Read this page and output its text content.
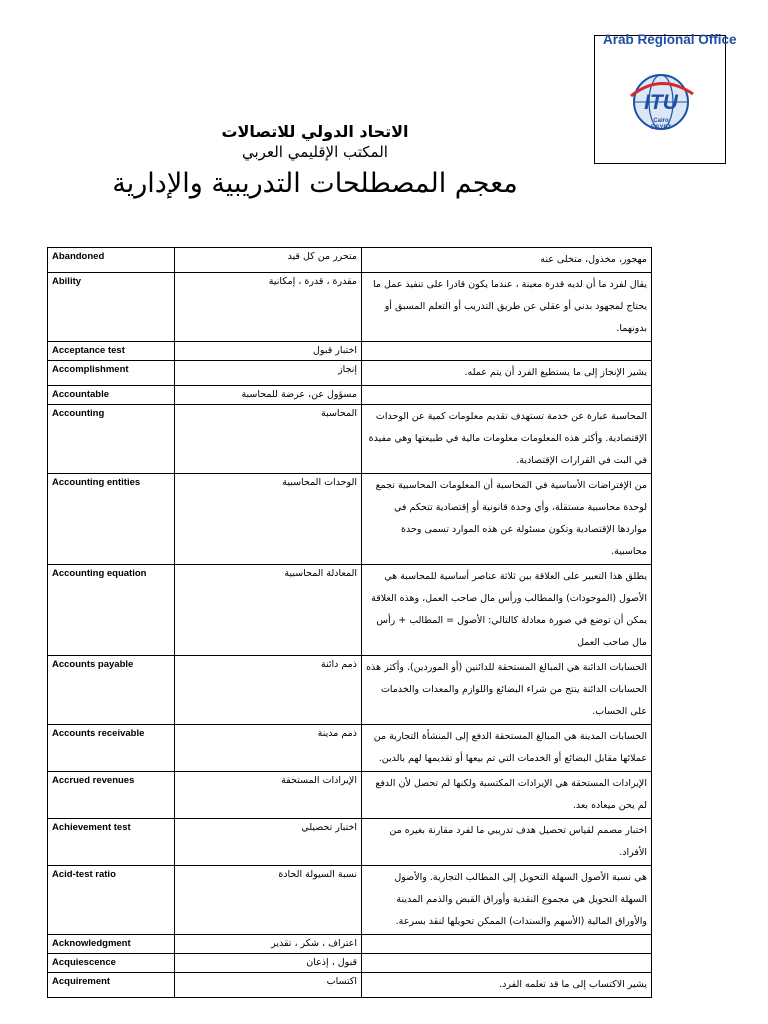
Arab Regional Office
ITU
Cairo
EGYPT
الاتحاد الدولي للاتصالات
المكتب الإقليمي العربي
معجم المصطلحات التدريبية والإدارية
Abandoned	متحرر من كل قيد	مهجور، مخذول، متخلى عنه
Ability	مقدرة ، قدرة ، إمكانية	يقال لفرد ما أن لديه قدرة معينة ، عندما يكون قادرا على تنفيذ عمل ما يحتاج لمجهود بدني أو عقلي عن طريق التدريب أو التعلم المسبق أو بدونهما.
Acceptance test	اختبار قبول	
Accomplishment	إنجاز	يشير الإنجاز إلى ما يستطيع الفرد أن يتم عمله.
Accountable	مسؤول عن، عرضة للمحاسبة	
Accounting	المحاسبة	المحاسبة عبارة عن خدمة تستهدف تقديم معلومات كمية عن الوحدات الإقتصادية. وأكثر هذه المعلومات معلومات مالية في طبيعتها وهي مفيدة في البت في القرارات الإقتصادية.
Accounting entities	الوحدات المحاسبية	من الإفتراضات الأساسية في المحاسبة أن المعلومات المحاسبية تجمع لوحدة محاسبية مستقلة، وأي وحدة قانونية أو إقتصادية تتحكم في مواردها الإقتصادية وتكون مسئولة عن هذه الموارد تسمى وحدة محاسبية.
Accounting equation	المعادلة المحاسبية	يطلق هذا التعبير على العلاقة بين ثلاثة عناصر أساسية للمحاسبة هي الأصول (الموجودات) والمطالب ورأس مال صاحب العمل، وهذه العلاقة يمكن أن توضع في صورة معادلة كالتالي: الأصول = المطالب + رأس مال صاحب العمل
Accounts payable	ذمم دائنة	الحسابات الدائنة هي المبالغ المستحقة للدائنين (أو الموردين). وأكثر هذه الحسابات الدائنة ينتج من شراء البضائع واللوازم والمعدات والخدمات على الحساب.
Accounts receivable	ذمم مدينة	الحسابات المدينة هي المبالغ المستحقة الدفع إلى المنشأة التجارية من عملائها مقابل البضائع أو الخدمات التي تم بيعها أو تقديمها لهم بالدين.
Accrued revenues	الإيرادات المستحقة	الإيرادات المستحقة هي الإيرادات المكتسبة ولكنها لم تحصل لأن الدفع لم يحن ميعاده بعد.
Achievement test	اختبار تحصيلي	اختبار مصمم لقياس تحصيل هدف تدريبي ما لفرد مقارنة بغيره من الأفراد.
Acid-test ratio	نسبة السيولة الحادة	هي نسبة الأصول السهلة التحويل إلى المطالب التجارية. والأصول السهلة التحويل هي مجموع النقدية وأوراق القبض والذمم المدينة والأوراق المالية (الأسهم والسندات) الممكن تحويلها لنقد بسرعة.
Acknowledgment	اعتراف ، شكر ، تقدير	
Acquiescence	قبول ، إذعان	
Acquirement	اكتساب	يشير الاكتساب إلى ما قد تعلمه الفرد.
